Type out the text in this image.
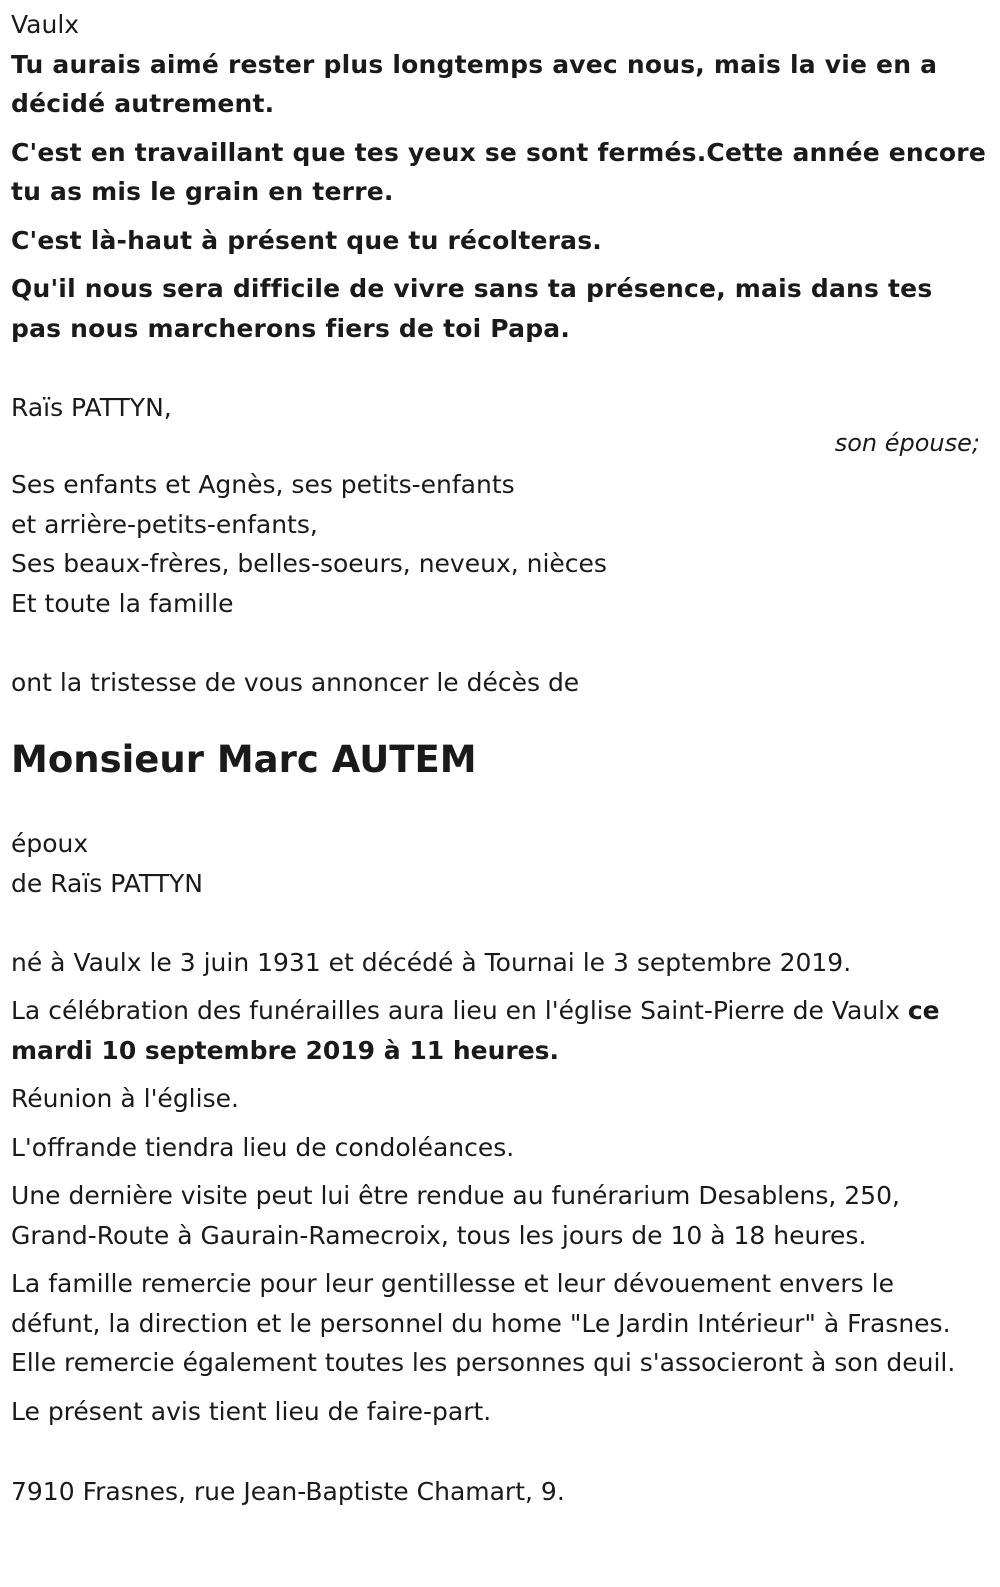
Vaulx

Tu aurais aimé rester plus longtemps avec nous, mais la vie en a décidé autrement.

C'est en travaillant que tes yeux se sont fermés.Cette année encore tu as mis le grain en terre.

C'est là-haut à présent que tu récolteras.

Qu'il nous sera difficile de vivre sans ta présence, mais dans tes pas nous marcherons fiers de toi Papa.

Raïs PATTYN,

son épouse;

Ses enfants et Agnès, ses petits-enfants

et arrière-petits-enfants,

Ses beaux-frères, belles-soeurs, neveux, nièces

Et toute la famille

ont la tristesse de vous annoncer le décès de

Monsieur Marc AUTEM

époux

de Raïs PATTYN

né à Vaulx le 3 juin 1931 et décédé à Tournai le 3 septembre 2019.

La célébration des funérailles aura lieu en l'église Saint-Pierre de Vaulx ce mardi 10 septembre 2019 à 11 heures.

Réunion à l'église.

L'offrande tiendra lieu de condoléances.

Une dernière visite peut lui être rendue au funérarium Desablens, 250, Grand-Route à Gaurain-Ramecroix, tous les jours de 10 à 18 heures.

La famille remercie pour leur gentillesse et leur dévouement envers le défunt, la direction et le personnel du home "Le Jardin Intérieur" à Frasnes. Elle remercie également toutes les personnes qui s'associeront à son deuil.

Le présent avis tient lieu de faire-part.

7910 Frasnes, rue Jean-Baptiste Chamart, 9.
